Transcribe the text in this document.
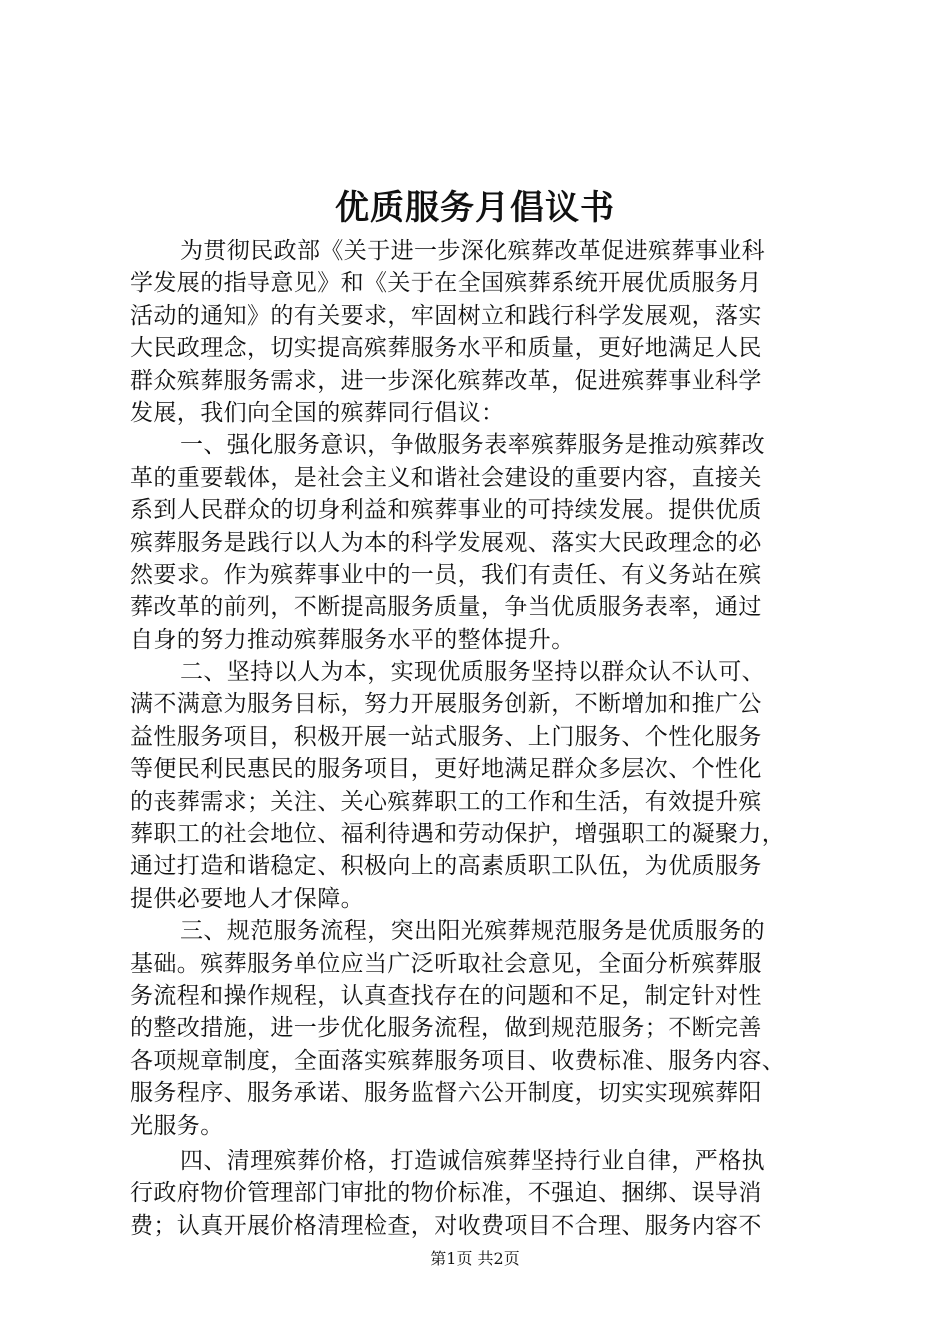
优质服务月倡议书
为贯彻民政部《关于进一步深化殡葬改革促进殡葬事业科
学发展的指导意见》和《关于在全国殡葬系统开展优质服务月
活动的通知》的有关要求，牢固树立和践行科学发展观，落实
大民政理念，切实提高殡葬服务水平和质量，更好地满足人民
群众殡葬服务需求，进一步深化殡葬改革，促进殡葬事业科学
发展，我们向全国的殡葬同行倡议：
一、强化服务意识，争做服务表率殡葬服务是推动殡葬改
革的重要载体，是社会主义和谐社会建设的重要内容，直接关
系到人民群众的切身利益和殡葬事业的可持续发展。提供优质
殡葬服务是践行以人为本的科学发展观、落实大民政理念的必
然要求。作为殡葬事业中的一员，我们有责任、有义务站在殡
葬改革的前列，不断提高服务质量，争当优质服务表率，通过
自身的努力推动殡葬服务水平的整体提升。
二、坚持以人为本，实现优质服务坚持以群众认不认可、
满不满意为服务目标，努力开展服务创新，不断增加和推广公
益性服务项目，积极开展一站式服务、上门服务、个性化服务
等便民利民惠民的服务项目，更好地满足群众多层次、个性化
的丧葬需求；关注、关心殡葬职工的工作和生活，有效提升殡
葬职工的社会地位、福利待遇和劳动保护，增强职工的凝聚力，
通过打造和谐稳定、积极向上的高素质职工队伍，为优质服务
提供必要地人才保障。
三、规范服务流程，突出阳光殡葬规范服务是优质服务的
基础。殡葬服务单位应当广泛听取社会意见，全面分析殡葬服
务流程和操作规程，认真查找存在的问题和不足，制定针对性
的整改措施，进一步优化服务流程，做到规范服务；不断完善
各项规章制度，全面落实殡葬服务项目、收费标准、服务内容、
服务程序、服务承诺、服务监督六公开制度，切实实现殡葬阳
光服务。
四、清理殡葬价格，打造诚信殡葬坚持行业自律，严格执
行政府物价管理部门审批的物价标准，不强迫、捆绑、误导消
费；认真开展价格清理检查，对收费项目不合理、服务内容不
第1页 共2页
